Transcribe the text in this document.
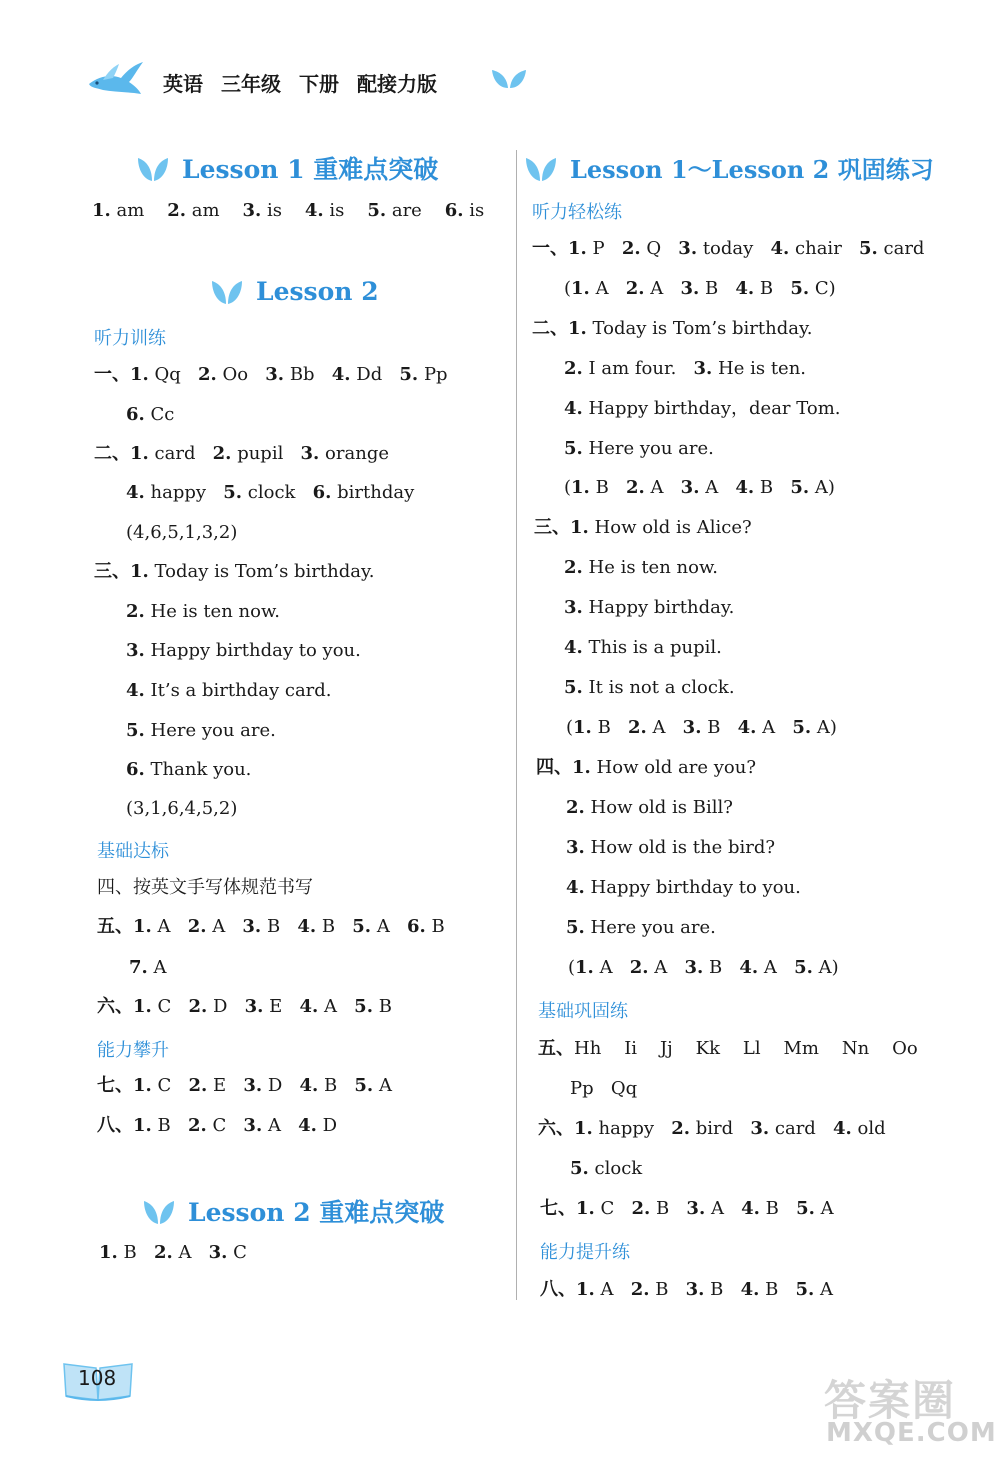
英语 三年级 下册 配接力版
Lesson 1 重难点突破
1. am 2. am 3. is 4. is 5. are 6. is
Lesson 2
听力训练
一、1. Qq 2. Oo 3. Bb 4. Dd 5. Pp
6. Cc
二、1. card 2. pupil 3. orange
4. happy 5. clock 6. birthday
(4,6,5,1,3,2)
三、1. Today is Tom’s birthday.
2. He is ten now.
3. Happy birthday to you.
4. It’s a birthday card.
5. Here you are.
6. Thank you.
(3,1,6,4,5,2)
基础达标
四、按英文手写体规范书写
五、1. A 2. A 3. B 4. B 5. A 6. B
7. A
六、1. C 2. D 3. E 4. A 5. B
能力攀升
七、1. C 2. E 3. D 4. B 5. A
八、1. B 2. C 3. A 4. D
Lesson 2 重难点突破
1. B 2. A 3. C
Lesson 1～Lesson 2 巩固练习
听力轻松练
一、1. P 2. Q 3. today 4. chair 5. card
(1. A 2. A 3. B 4. B 5. C)
二、1. Today is Tom’s birthday.
2. I am four. 3. He is ten.
4. Happy birthday，dear Tom.
5. Here you are.
(1. B 2. A 3. A 4. B 5. A)
三、1. How old is Alice?
2. He is ten now.
3. Happy birthday.
4. This is a pupil.
5. It is not a clock.
(1. B 2. A 3. B 4. A 5. A)
四、1. How old are you?
2. How old is Bill?
3. How old is the bird?
4. Happy birthday to you.
5. Here you are.
(1. A 2. A 3. B 4. A 5. A)
基础巩固练
五、Hh Ii Jj Kk Ll Mm Nn Oo
Pp Qq
六、1. happy 2. bird 3. card 4. old
5. clock
七、1. C 2. B 3. A 4. B 5. A
能力提升练
八、1. A 2. B 3. B 4. B 5. A
108	答案圈
MXQE.COM
